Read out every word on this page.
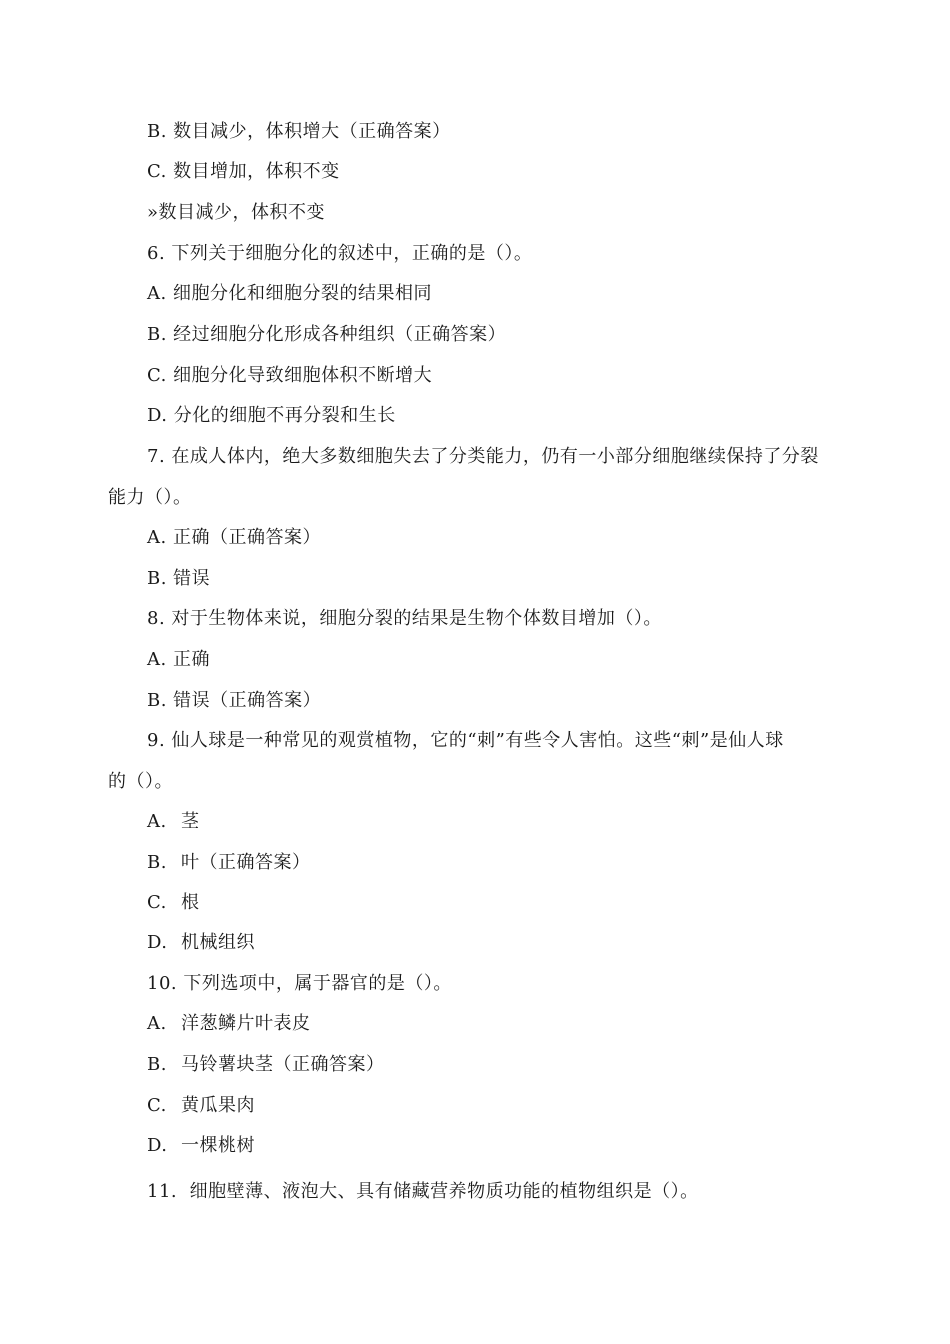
B. 数目减少，体积增大（正确答案）
C. 数目增加，体积不变
»数目减少，体积不变
6. 下列关于细胞分化的叙述中，正确的是（）。
A. 细胞分化和细胞分裂的结果相同
B. 经过细胞分化形成各种组织（正确答案）
C. 细胞分化导致细胞体积不断增大
D. 分化的细胞不再分裂和生长
7. 在成人体内，绝大多数细胞失去了分类能力，仍有一小部分细胞继续保持了分裂
能力（）。
A. 正确（正确答案）
B. 错误
8. 对于生物体来说，细胞分裂的结果是生物个体数目增加（）。
A. 正确
B. 错误（正确答案）
9. 仙人球是一种常见的观赏植物，它的“刺”有些令人害怕。这些“刺”是仙人球
的（）。
A. 茎
B. 叶（正确答案）
C. 根
D. 机械组织
10. 下列选项中，属于器官的是（）。
A. 洋葱鳞片叶表皮
B. 马铃薯块茎（正确答案）
C. 黄瓜果肉
D. 一棵桃树
11.  细胞壁薄、液泡大、具有储藏营养物质功能的植物组织是（）。
